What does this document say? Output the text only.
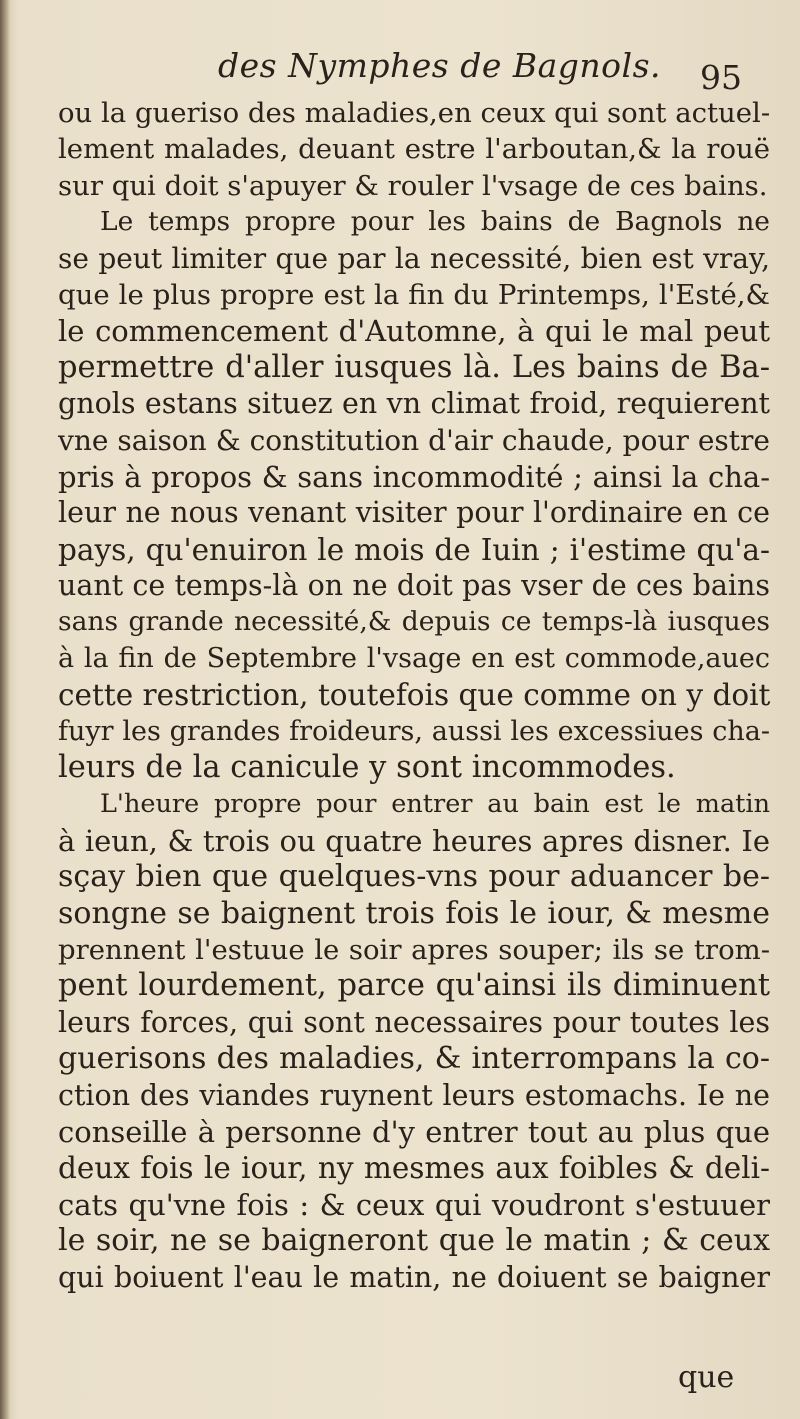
des Nymphes de Bagnols. 95
ou la gueriso des maladies,en ceux qui sont actuel-
lement malades, deuant estre l'arboutan,& la rouë
sur qui doit s'apuyer & rouler l'vsage de ces bains.
Le temps propre pour les bains de Bagnols ne
se peut limiter que par la necessité, bien est vray,
que le plus propre est la fin du Printemps, l'Esté,&
le commencement d'Automne, à qui le mal peut
permettre d'aller iusques là. Les bains de Ba-
gnols estans situez en vn climat froid, requierent
vne saison & constitution d'air chaude, pour estre
pris à propos & sans incommodité ; ainsi la cha-
leur ne nous venant visiter pour l'ordinaire en ce
pays, qu'enuiron le mois de Iuin ; i'estime qu'a-
uant ce temps-là on ne doit pas vser de ces bains
sans grande necessité,& depuis ce temps-là iusques
à la fin de Septembre l'vsage en est commode,auec
cette restriction, toutefois que comme on y doit
fuyr les grandes froideurs, aussi les excessiues cha-
leurs de la canicule y sont incommodes.
L'heure propre pour entrer au bain est le matin
à ieun, & trois ou quatre heures apres disner. Ie
sçay bien que quelques-vns pour aduancer be-
songne se baignent trois fois le iour, & mesme
prennent l'estuue le soir apres souper; ils se trom-
pent lourdement, parce qu'ainsi ils diminuent
leurs forces, qui sont necessaires pour toutes les
guerisons des maladies, & interrompans la co-
ction des viandes ruynent leurs estomachs. Ie ne
conseille à personne d'y entrer tout au plus que
deux fois le iour, ny mesmes aux foibles & deli-
cats qu'vne fois : & ceux qui voudront s'estuuer
le soir, ne se baigneront que le matin ; & ceux
qui boiuent l'eau le matin, ne doiuent se baigner
que
